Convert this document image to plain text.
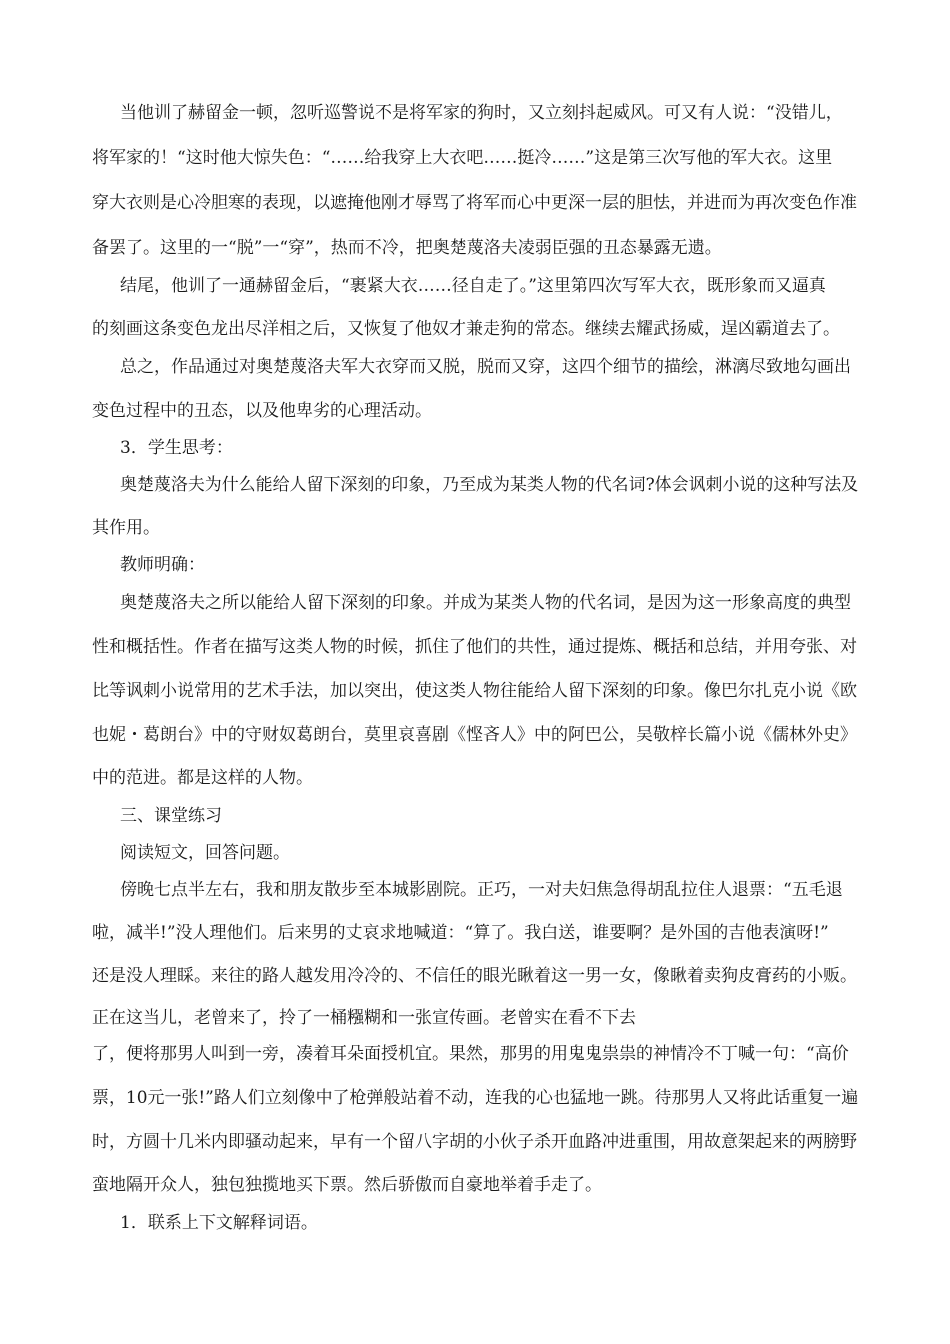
当他训了赫留金一顿，忽听巡警说不是将军家的狗时，又立刻抖起威风。可又有人说：“没错儿，
将军家的！“这时他大惊失色：“……给我穿上大衣吧……挺冷……”这是第三次写他的军大衣。这里
穿大衣则是心冷胆寒的表现，以遮掩他刚才辱骂了将军而心中更深一层的胆怯，并进而为再次变色作准
备罢了。这里的一“脱”一“穿”，热而不冷，把奥楚蔑洛夫凌弱臣强的丑态暴露无遗。
结尾，他训了一通赫留金后，“裹紧大衣……径自走了。”这里第四次写军大衣，既形象而又逼真
的刻画这条变色龙出尽洋相之后，又恢复了他奴才兼走狗的常态。继续去耀武扬威，逞凶霸道去了。
总之，作品通过对奥楚蔑洛夫军大衣穿而又脱，脱而又穿，这四个细节的描绘，淋漓尽致地勾画出
变色过程中的丑态，以及他卑劣的心理活动。
3．学生思考：
奥楚蔑洛夫为什么能给人留下深刻的印象，乃至成为某类人物的代名词?体会讽刺小说的这种写法及
其作用。
教师明确：
奥楚蔑洛夫之所以能给人留下深刻的印象。并成为某类人物的代名词，是因为这一形象高度的典型
性和概括性。作者在描写这类人物的时候，抓住了他们的共性，通过提炼、概括和总结，并用夸张、对
比等讽刺小说常用的艺术手法，加以突出，使这类人物往能给人留下深刻的印象。像巴尔扎克小说《欧
也妮・葛朗台》中的守财奴葛朗台，莫里哀喜剧《悭吝人》中的阿巴公，吴敬梓长篇小说《儒林外史》
中的范进。都是这样的人物。
三、课堂练习
阅读短文，回答问题。
傍晚七点半左右，我和朋友散步至本城影剧院。正巧，一对夫妇焦急得胡乱拉住人退票：“五毛退
啦，减半!”没人理他们。后来男的丈哀求地喊道：“算了。我白送，谁要啊？是外国的吉他表演呀!”
还是没人理睬。来往的路人越发用冷冷的、不信任的眼光瞅着这一男一女，像瞅着卖狗皮膏药的小贩。
正在这当儿，老曾来了，拎了一桶糨糊和一张宣传画。老曾实在看不下去
了，便将那男人叫到一旁，凑着耳朵面授机宜。果然，那男的用鬼鬼祟祟的神情冷不丁喊一句：“高价
票，10元一张!”路人们立刻像中了枪弹般站着不动，连我的心也猛地一跳。待那男人又将此话重复一遍
时，方圆十几米内即骚动起来，早有一个留八字胡的小伙子杀开血路冲进重围，用故意架起来的两膀野
蛮地隔开众人，独包独揽地买下票。然后骄傲而自豪地举着手走了。
1．联系上下文解释词语。
